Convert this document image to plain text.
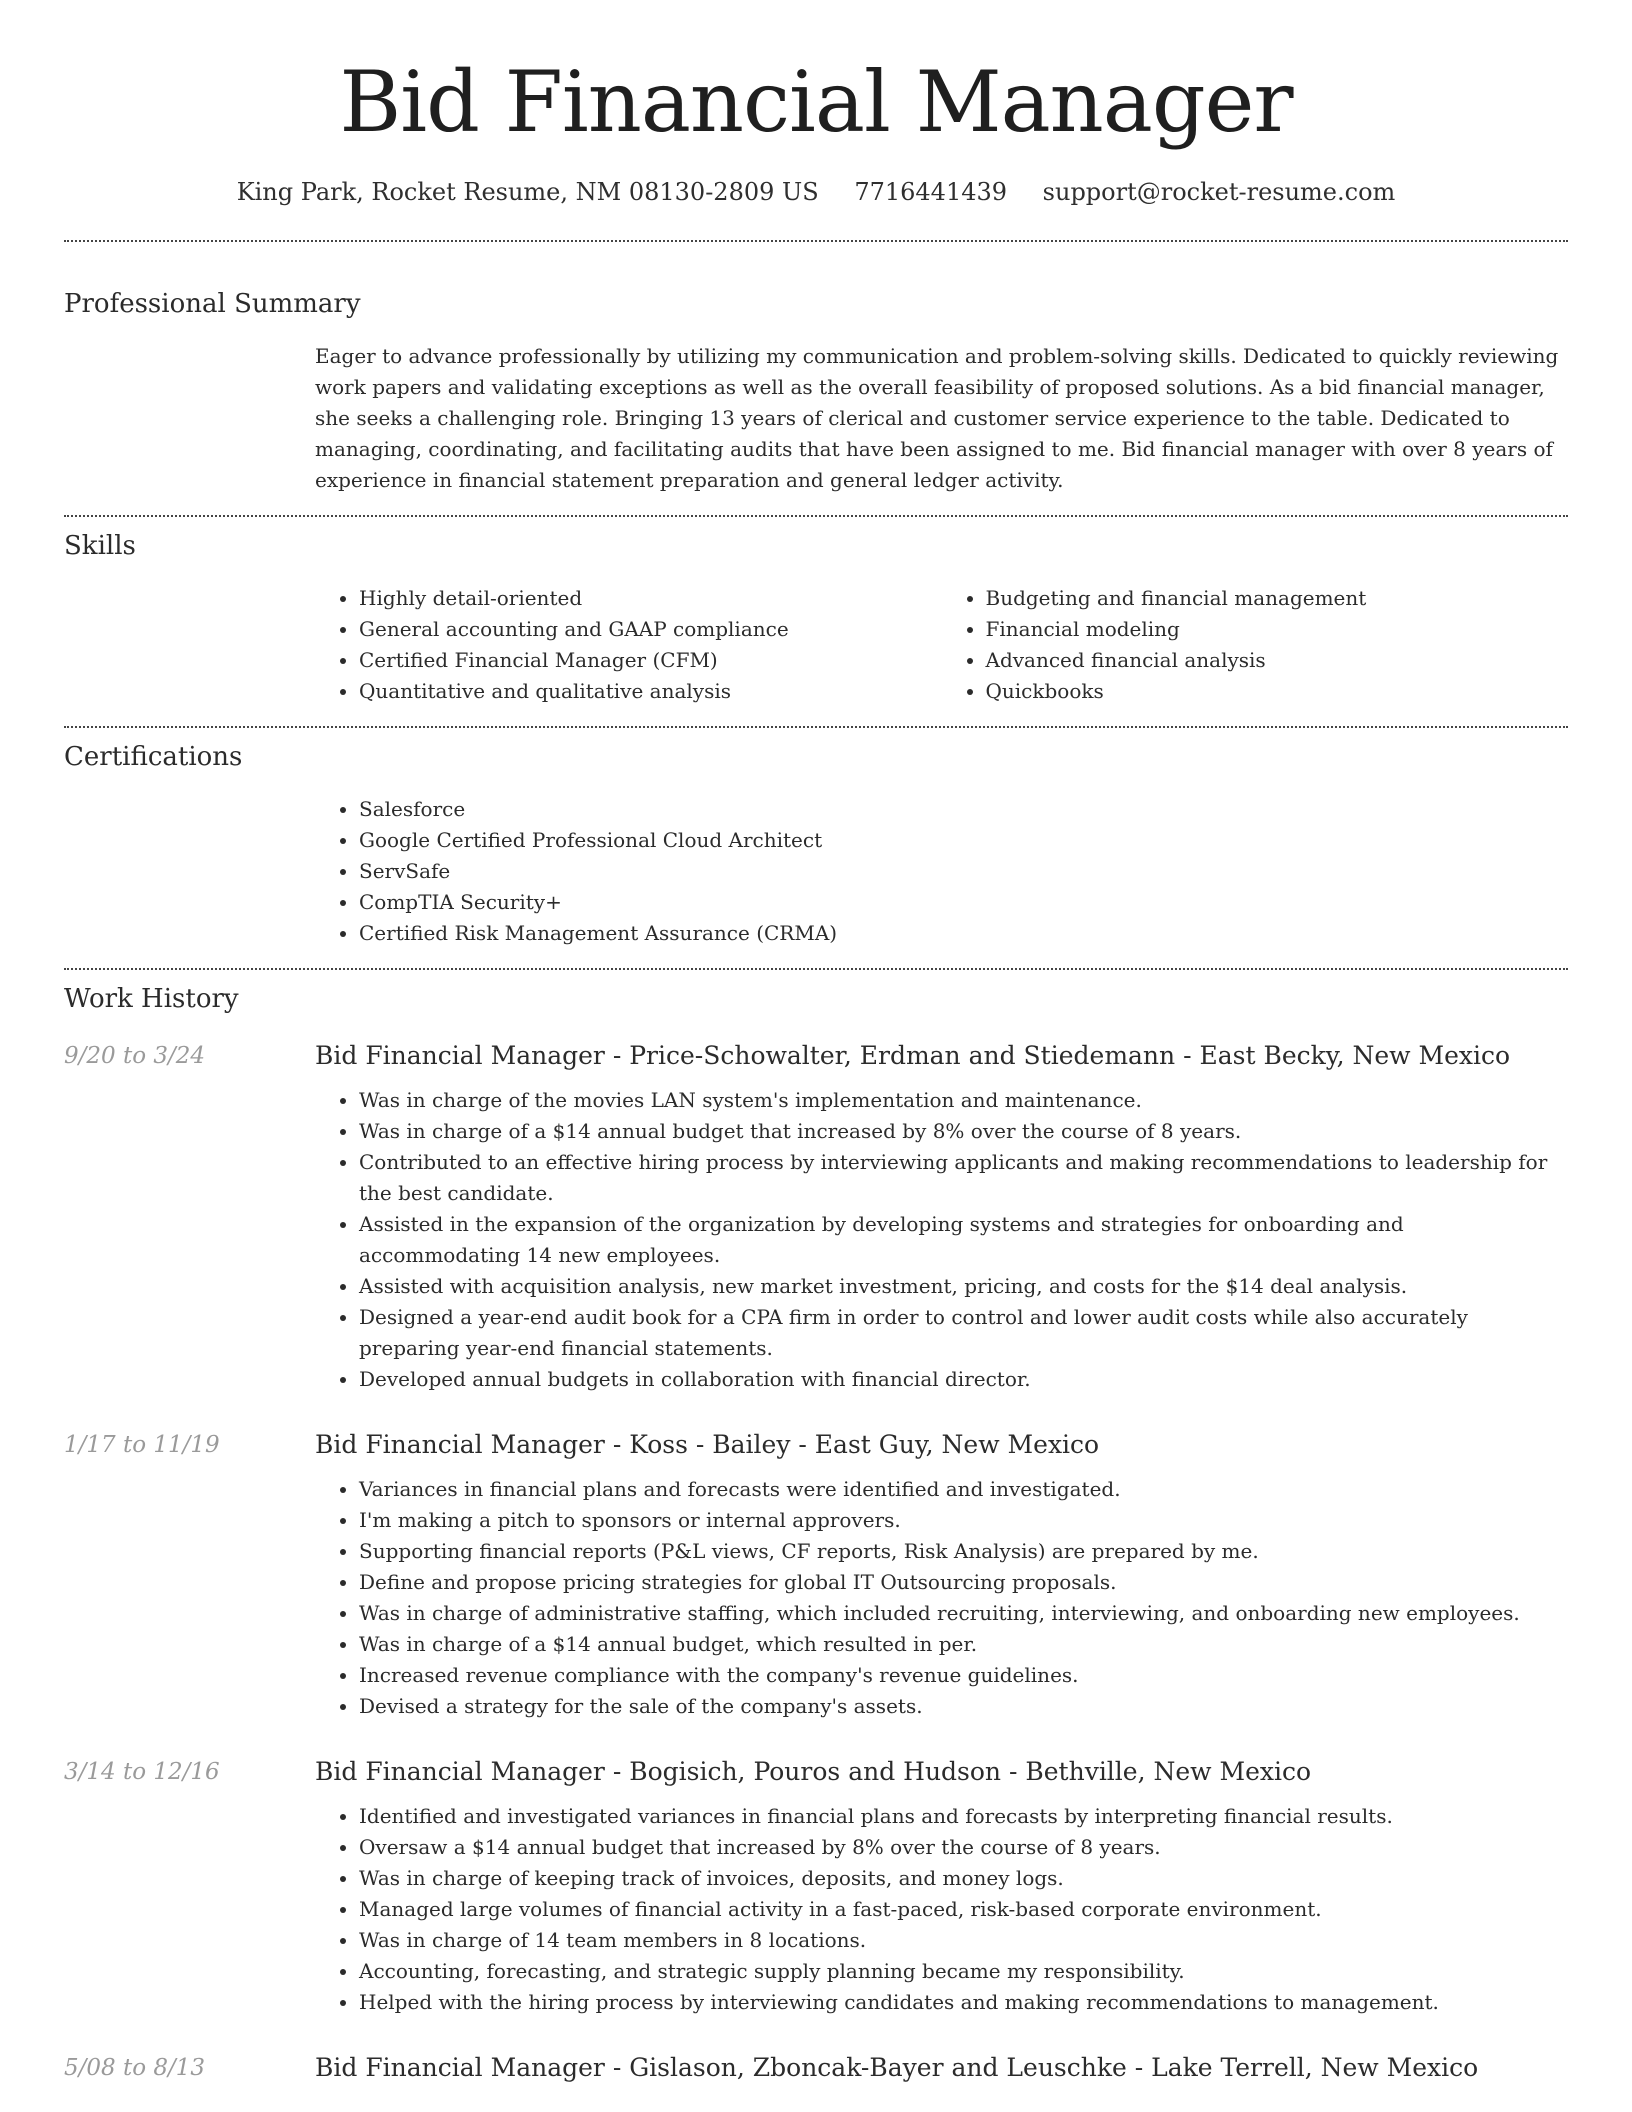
Bid Financial Manager
King Park, Rocket Resume, NM 08130-2809 US 7716441439 support@rocket-resume.com
Professional Summary

Eager to advance professionally by utilizing my communication and problem-solving skills. Dedicated to quickly reviewing work papers and validating exceptions as well as the overall feasibility of proposed solutions. As a bid financial manager, she seeks a challenging role. Bringing 13 years of clerical and customer service experience to the table. Dedicated to managing, coordinating, and facilitating audits that have been assigned to me. Bid financial manager with over 8 years of experience in financial statement preparation and general ledger activity.

Skills
• Highly detail-oriented
• General accounting and GAAP compliance
• Certified Financial Manager (CFM)
• Quantitative and qualitative analysis
• Budgeting and financial management
• Financial modeling
• Advanced financial analysis
• Quickbooks
Certifications
• Salesforce
• Google Certified Professional Cloud Architect
• ServSafe
• CompTIA Security+
• Certified Risk Management Assurance (CRMA)
Work History
9/20 to 3/24	Bid Financial Manager - Price-Schowalter, Erdman and Stiedemann - East Becky, New Mexico
• Was in charge of the movies LAN system's implementation and maintenance.
• Was in charge of a $14 annual budget that increased by 8% over the course of 8 years.
• Contributed to an effective hiring process by interviewing applicants and making recommendations to leadership for the best candidate.
• Assisted in the expansion of the organization by developing systems and strategies for onboarding and accommodating 14 new employees.
• Assisted with acquisition analysis, new market investment, pricing, and costs for the $14 deal analysis.
• Designed a year-end audit book for a CPA firm in order to control and lower audit costs while also accurately preparing year-end financial statements.
• Developed annual budgets in collaboration with financial director.
1/17 to 11/19	Bid Financial Manager - Koss - Bailey - East Guy, New Mexico
• Variances in financial plans and forecasts were identified and investigated.
• I'm making a pitch to sponsors or internal approvers.
• Supporting financial reports (P&L views, CF reports, Risk Analysis) are prepared by me.
• Define and propose pricing strategies for global IT Outsourcing proposals.
• Was in charge of administrative staffing, which included recruiting, interviewing, and onboarding new employees.
• Was in charge of a $14 annual budget, which resulted in per.
• Increased revenue compliance with the company's revenue guidelines.
• Devised a strategy for the sale of the company's assets.
3/14 to 12/16	Bid Financial Manager - Bogisich, Pouros and Hudson - Bethville, New Mexico
• Identified and investigated variances in financial plans and forecasts by interpreting financial results.
• Oversaw a $14 annual budget that increased by 8% over the course of 8 years.
• Was in charge of keeping track of invoices, deposits, and money logs.
• Managed large volumes of financial activity in a fast-paced, risk-based corporate environment.
• Was in charge of 14 team members in 8 locations.
• Accounting, forecasting, and strategic supply planning became my responsibility.
• Helped with the hiring process by interviewing candidates and making recommendations to management.
5/08 to 8/13	Bid Financial Manager - Gislason, Zboncak-Bayer and Leuschke - Lake Terrell, New Mexico
